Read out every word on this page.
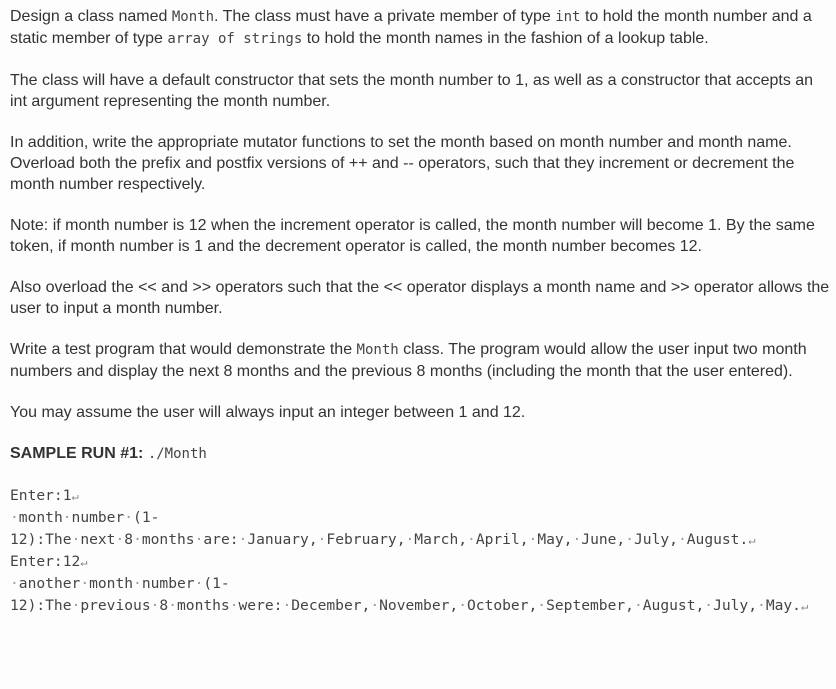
Design a class named Month. The class must have a private member of type int to hold the month number and a static member of type array of strings to hold the month names in the fashion of a lookup table.
The class will have a default constructor that sets the month number to 1, as well as a constructor that accepts an int argument representing the month number.
In addition, write the appropriate mutator functions to set the month based on month number and month name. Overload both the prefix and postfix versions of ++ and -- operators, such that they increment or decrement the month number respectively.
Note: if month number is 12 when the increment operator is called, the month number will become 1. By the same token, if month number is 1 and the decrement operator is called, the month number becomes 12.
Also overload the << and >> operators such that the << operator displays a month name and >> operator allows the user to input a month number.
Write a test program that would demonstrate the Month class. The program would allow the user input two month numbers and display the next 8 months and the previous 8 months (including the month that the user entered).
You may assume the user will always input an integer between 1 and 12.
SAMPLE RUN #1: ./Month
Enter:1↵
·month·number·(1-
12):The·next·8·months·are:·January,·February,·March,·April,·May,·June,·July,·August.↵
Enter:12↵
·another·month·number·(1-
12):The·previous·8·months·were:·December,·November,·October,·September,·August,·July,·May.↵
